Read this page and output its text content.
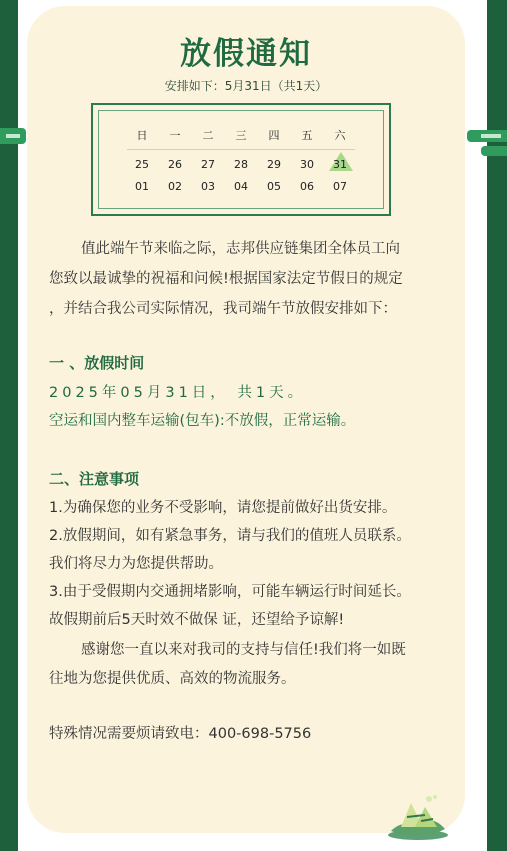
放假通知
安排如下：5月31日（共1天）
日	一	二	三	四	五	六
25	26	27	28	29	30	31
01	02	03	04	05	06	07
值此端午节来临之际，志邦供应链集团全体员工向
您致以最诚挚的祝福和问候!根据国家法定节假日的规定
，并结合我公司实际情况，我司端午节放假安排如下：
一 、放假时间
2025年05月31日， 共1天。
空运和国内整车运输(包车):不放假，正常运输。
二、注意事项
1.为确保您的业务不受影响，请您提前做好出货安排。
2.放假期间，如有紧急事务，请与我们的值班人员联系。
我们将尽力为您提供帮助。
3.由于受假期内交通拥堵影响，可能车辆运行时间延长。
故假期前后5天时效不做保 证，还望给予谅解!
感谢您一直以来对我司的支持与信任!我们将一如既
往地为您提供优质、高效的物流服务。
特殊情况需要烦请致电：400-698-5756
